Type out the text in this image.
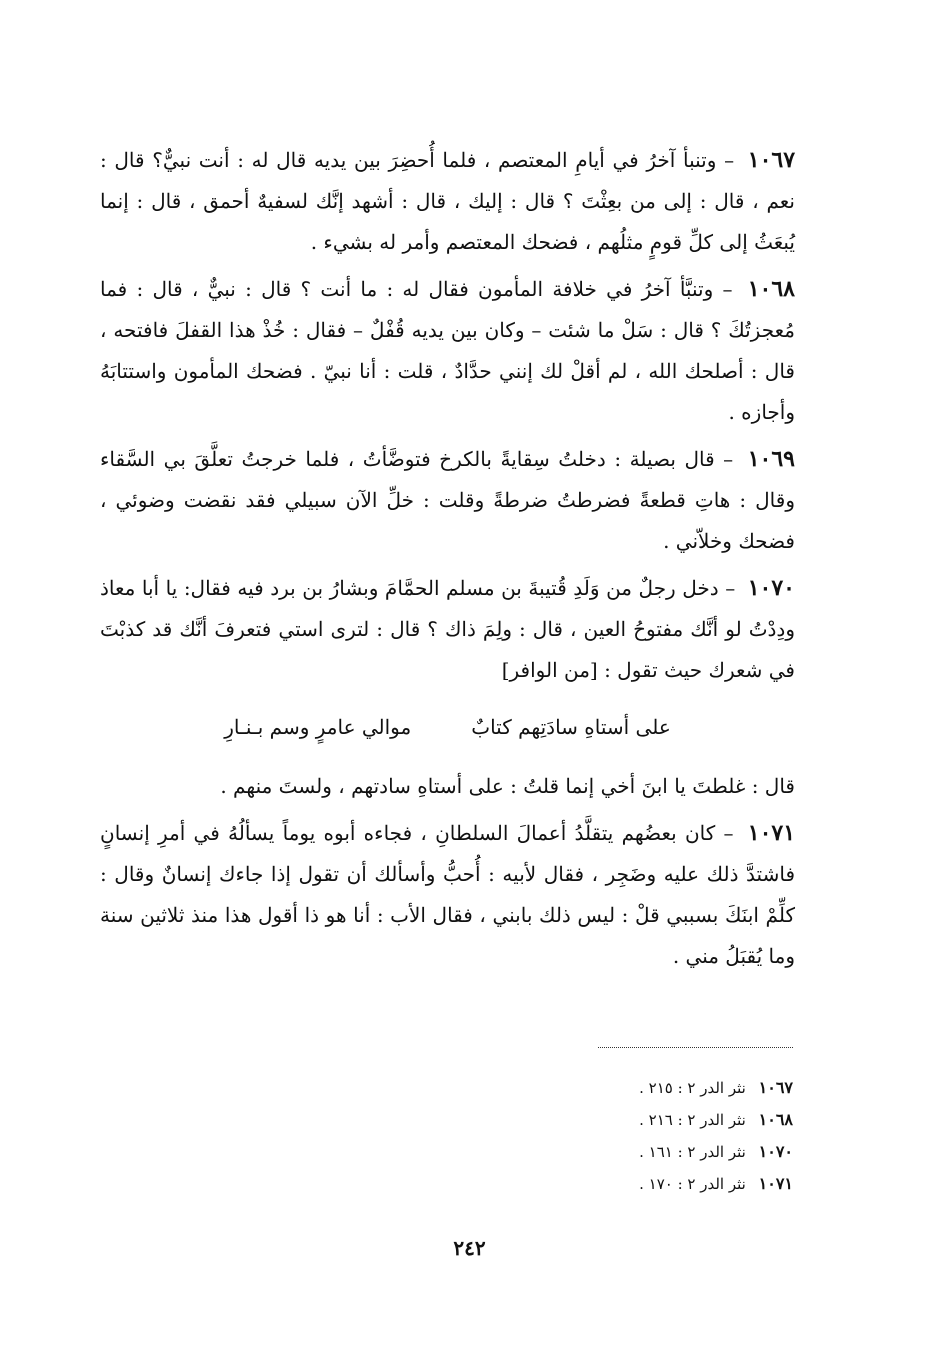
١٠٦٧ – وتنبأ آخرُ في أيامِ المعتصم ، فلما أُحضِرَ بين يديه قال له : أنت نبيٌّ؟ قال : نعم ، قال : إلى من بعِثْتَ ؟ قال : إليك ، قال : أشهد إنَّك لسفيهٌ أحمق ، قال : إنما يُبعَثُ إلى كلِّ قومٍ مثلُهم ، فضحك المعتصم وأمر له بشيء .

١٠٦٨ – وتنبَّأ آخرُ في خلافة المأمون فقال له : ما أنت ؟ قال : نبيٌّ ، قال : فما مُعجزتُكَ ؟ قال : سَلْ ما شئت – وكان بين يديه قُفْلٌ – فقال : خُذْ هذا القفلَ فافتحه ، قال : أصلحك الله ، لم أقلْ لك إنني حدَّادٌ ، قلت : أنا نبيّ . فضحك المأمون واستتابَهُ وأجازه .

١٠٦٩ – قال بصيلة : دخلتُ سِقايةً بالكرخ فتوضَّأتُ ، فلما خرجتُ تعلَّقَ بي السَّقاء وقال : هاتِ قطعةً فضرطتُ ضرطةً وقلت : خلِّ الآن سبيلي فقد نقضت وضوئي ، فضحك وخلاّني .

١٠٧٠ – دخل رجلٌ من وَلَدِ قُتيبةَ بن مسلم الحمَّامَ وبشارُ بن برد فيه فقال: يا أبا معاذ ودِدْتُ لو أنَّك مفتوحُ العين ، قال : ولِمَ ذاك ؟ قال : لترى استي فتعرفَ أنَّك قد كذبْتَ في شعرك حيث تقول : [من الوافر]

على أستاهِ سادَتِهم كتابٌ
موالي عامرٍ وسم بـنـارِ

قال : غلطتَ يا ابنَ أخي إنما قلتُ : على أستاهِ سادتهم ، ولستَ منهم .

١٠٧١ – كان بعضُهم يتقلَّدُ أعمالَ السلطانِ ، فجاءه أبوه يوماً يسألُهُ في أمرِ إنسانٍ فاشتدَّ ذلك عليه وضَجِر ، فقال لأبيه : أُحبُّ وأسألك أن تقول إذا جاءك إنسانٌ وقال : كلِّمْ ابنَكَ بسببي قلْ : ليس ذلك بابني ، فقال الأب : أنا هو ذا أقول هذا منذ ثلاثين سنة وما يُقبَلُ مني .

١٠٦٧ نثر الدر ٢ : ٢١٥ .
١٠٦٨ نثر الدر ٢ : ٢١٦ .
١٠٧٠ نثر الدر ٢ : ١٦١ .
١٠٧١ نثر الدر ٢ : ١٧٠ .
٢٤٢
